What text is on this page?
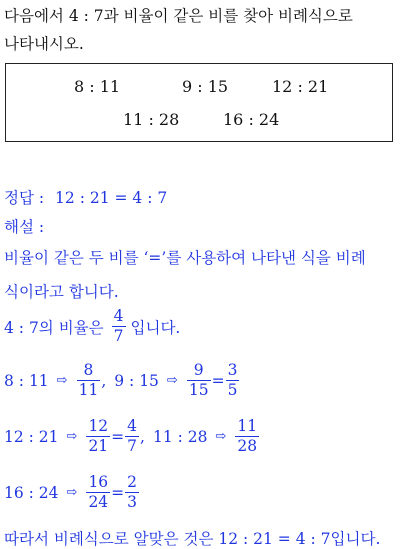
다음에서 4 : 7과 비율이 같은 비를 찾아 비례식으로
나타내시오.
8 : 11	9 : 15	12 : 21
11 : 28	16 : 24
정답 : 12 : 21 = 4 : 7
해설 :
비율이 같은 두 비를 ‘=’를 사용하여 나타낸 식을 비례
식이라고 합니다.
4 : 7의 비율은 $\frac{4}{7}$ 입니다.
8 : 11 ⇨ $\frac{8}{11}$ , 9 : 15 ⇨ $\frac{9}{15} = \frac{3}{5}$
12 : 21 ⇨ $\frac{12}{21} = \frac{4}{7}$ , 11 : 28 ⇨ $\frac{11}{28}$
16 : 24 ⇨ $\frac{16}{24} = \frac{2}{3}$
따라서 비례식으로 알맞은 것은 12 : 21 = 4 : 7입니다.
